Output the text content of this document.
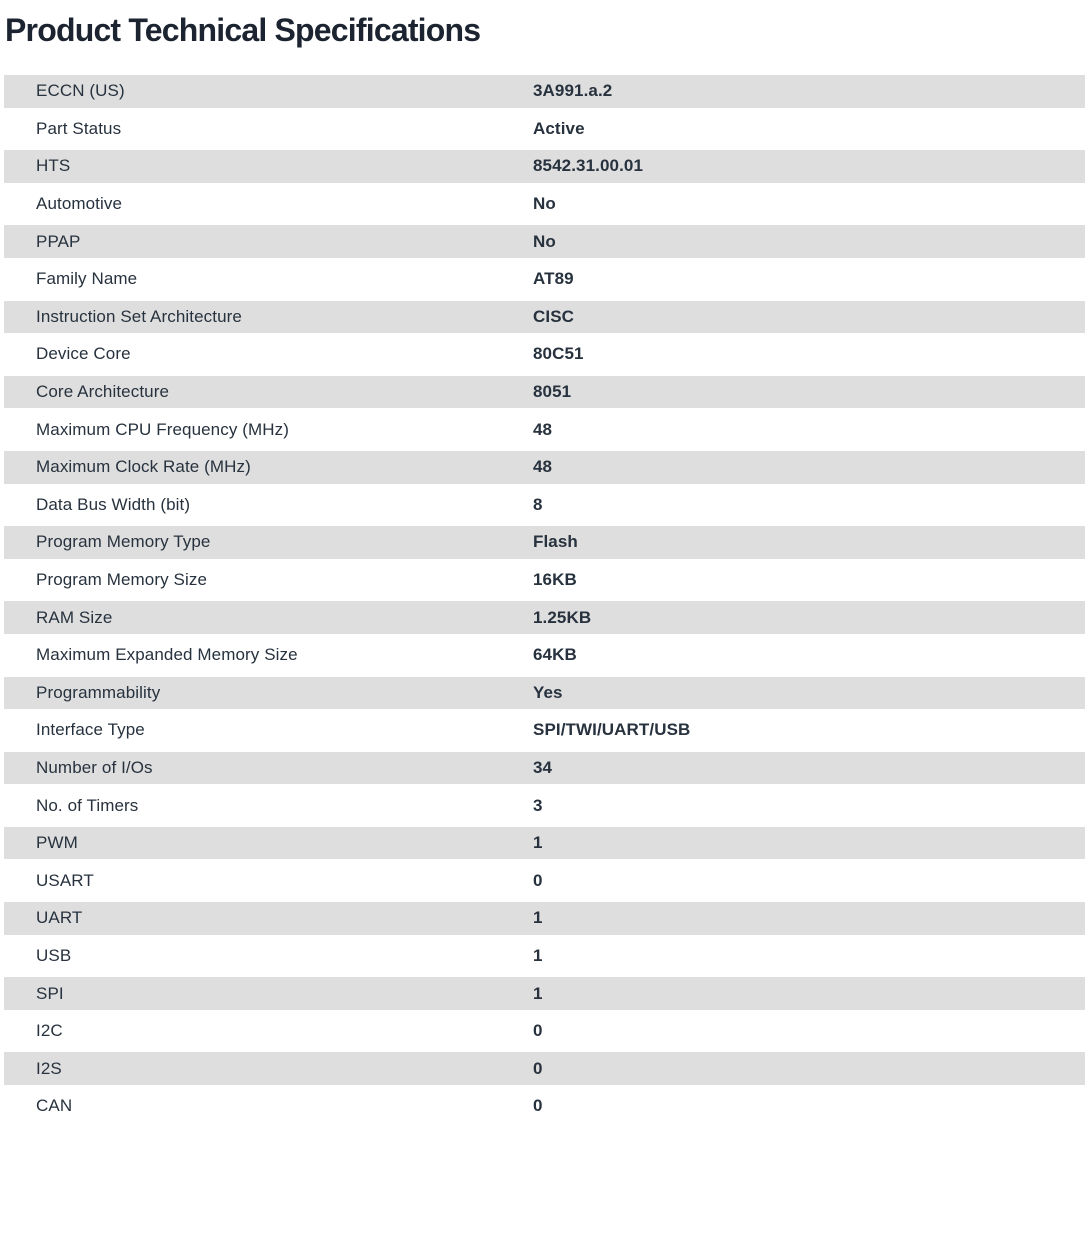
Product Technical Specifications
ECCN (US)	3A991.a.2
Part Status	Active
HTS	8542.31.00.01
Automotive	No
PPAP	No
Family Name	AT89
Instruction Set Architecture	CISC
Device Core	80C51
Core Architecture	8051
Maximum CPU Frequency (MHz)	48
Maximum Clock Rate (MHz)	48
Data Bus Width (bit)	8
Program Memory Type	Flash
Program Memory Size	16KB
RAM Size	1.25KB
Maximum Expanded Memory Size	64KB
Programmability	Yes
Interface Type	SPI/TWI/UART/USB
Number of I/Os	34
No. of Timers	3
PWM	1
USART	0
UART	1
USB	1
SPI	1
I2C	0
I2S	0
CAN	0
